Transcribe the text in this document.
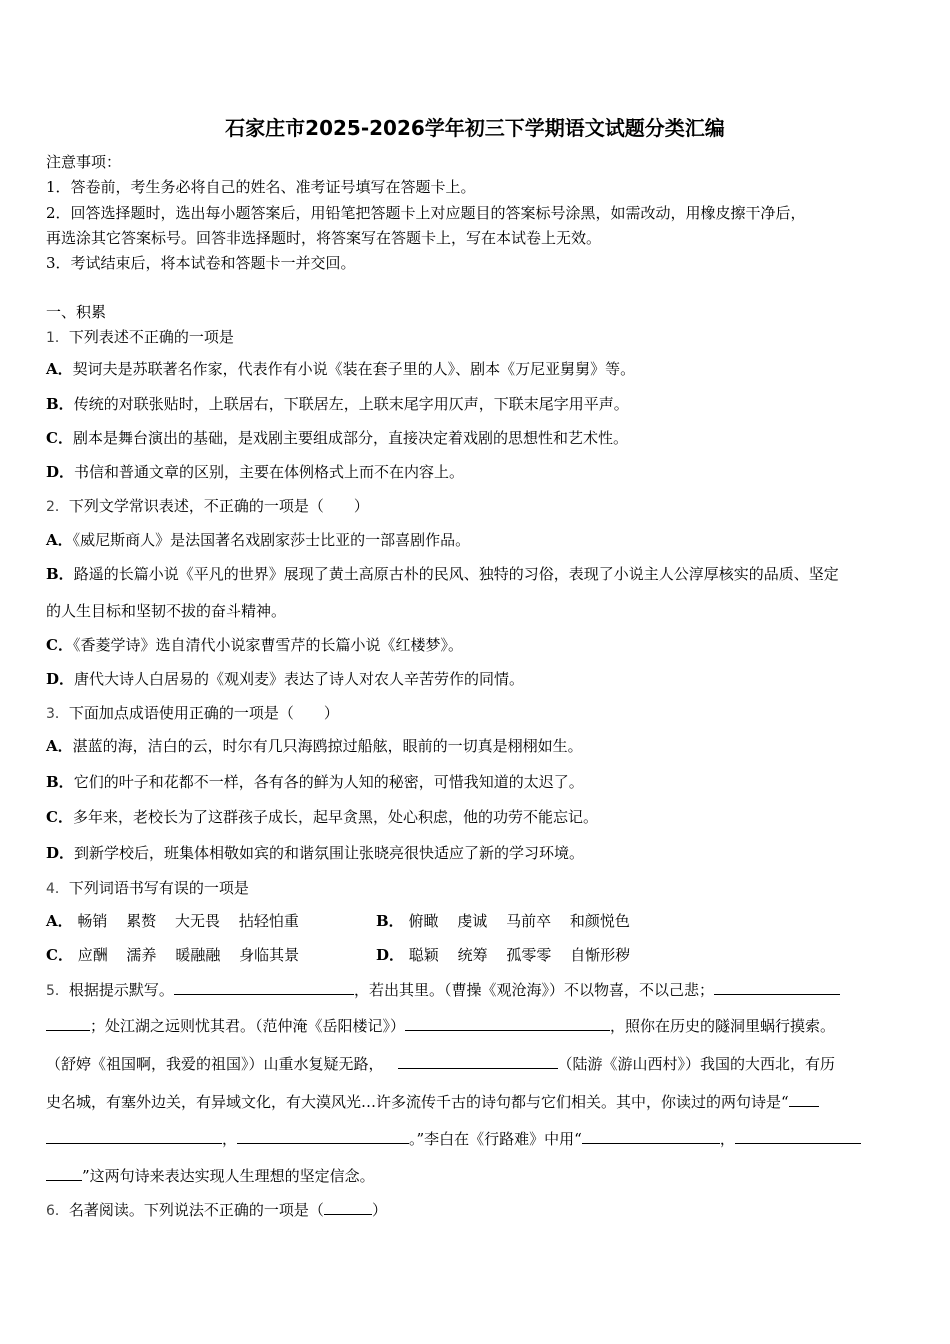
石家庄市2025-2026学年初三下学期语文试题分类汇编
注意事项：
1．答卷前，考生务必将自己的姓名、准考证号填写在答题卡上。
2．回答选择题时，选出每小题答案后，用铅笔把答题卡上对应题目的答案标号涂黑，如需改动，用橡皮擦干净后，
再选涂其它答案标号。回答非选择题时，将答案写在答题卡上，写在本试卷上无效。
3．考试结束后，将本试卷和答题卡一并交回。
一、积累
1．下列表述不正确的一项是
A．契诃夫是苏联著名作家，代表作有小说《装在套子里的人》、剧本《万尼亚舅舅》等。
B．传统的对联张贴时，上联居右，下联居左，上联末尾字用仄声，下联末尾字用平声。
C．剧本是舞台演出的基础，是戏剧主要组成部分，直接决定着戏剧的思想性和艺术性。
D．书信和普通文章的区别，主要在体例格式上而不在内容上。
2．下列文学常识表述，不正确的一项是（　　）
A．《威尼斯商人》是法国著名戏剧家莎士比亚的一部喜剧作品。
B．路遥的长篇小说《平凡的世界》展现了黄土高原古朴的民风、独特的习俗，表现了小说主人公淳厚核实的品质、坚定
的人生目标和坚韧不拔的奋斗精神。
C．《香菱学诗》选自清代小说家曹雪芹的长篇小说《红楼梦》。
D．唐代大诗人白居易的《观刈麦》表达了诗人对农人辛苦劳作的同情。
3．下面加点成语使用正确的一项是（　　）
A．湛蓝的海，洁白的云，时尔有几只海鸥掠过船舷，眼前的一切真是栩栩如生。
B．它们的叶子和花都不一样，各有各的鲜为人知的秘密，可惜我知道的太迟了。
C．多年来，老校长为了这群孩子成长，起早贪黑，处心积虑，他的功劳不能忘记。
D．到新学校后，班集体相敬如宾的和谐氛围让张晓亮很快适应了新的学习环境。
4．下列词语书写有误的一项是
A． 畅销 累赘 大无畏 拈轻怕重	B． 俯瞰 虔诚 马前卒 和颜悦色
C． 应酬 濡养 暖融融 身临其景	D． 聪颖 统筹 孤零零 自惭形秽
5．根据提示默写。	，若出其里。（曹操《观沧海》）不以物喜，不以己悲；
；处江湖之远则忧其君。（范仲淹《岳阳楼记》）	，照你在历史的隧洞里蜗行摸索。
（舒婷《祖国啊，我爱的祖国》）山重水复疑无路，	（陆游《游山西村》）我国的大西北，有历
史名城，有塞外边关，有异域文化，有大漠风光…许多流传千古的诗句都与它们相关。其中，你读过的两句诗是“
，	。”李白在《行路难》中用“	，
”这两句诗来表达实现人生理想的坚定信念。
6．名著阅读。下列说法不正确的一项是（	）
